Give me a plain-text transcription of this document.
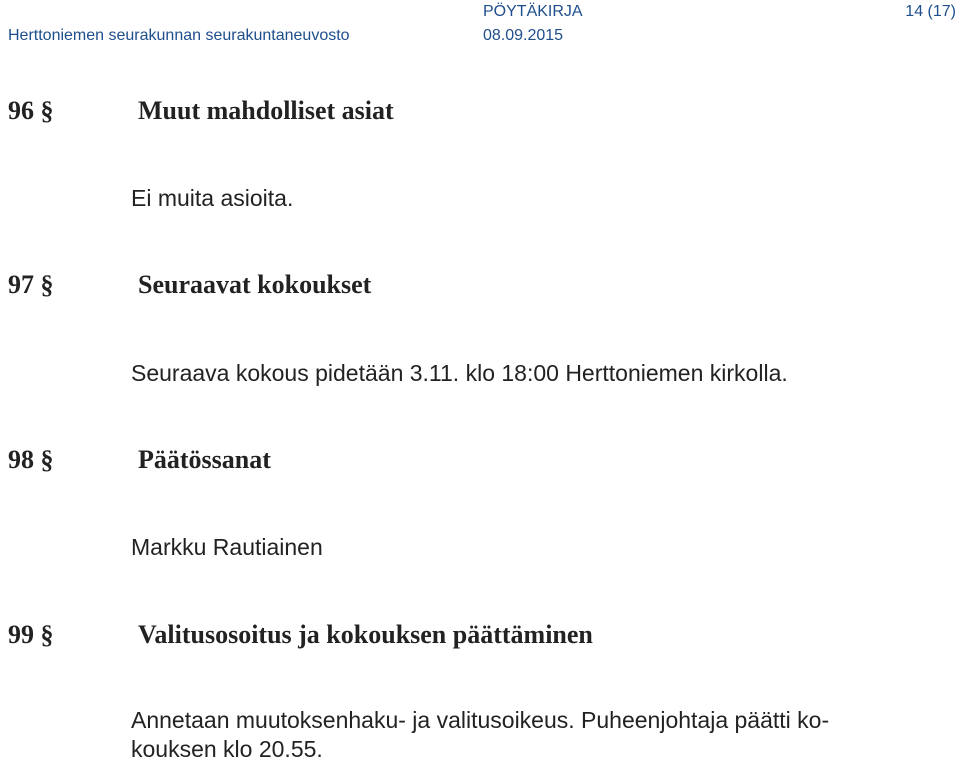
PÖYTÄKIRJA	14 (17)
Herttoniemen seurakunnan seurakuntaneuvosto	08.09.2015
96 §	Muut mahdolliset asiat
Ei muita asioita.
97 §	Seuraavat kokoukset
Seuraava kokous pidetään 3.11. klo 18:00 Herttoniemen kirkolla.
98 §	Päätössanat
Markku Rautiainen
99 §	Valitusosoitus ja kokouksen päättäminen
Annetaan muutoksenhaku- ja valitusoikeus. Puheenjohtaja päätti ko-
kouksen klo 20.55.
